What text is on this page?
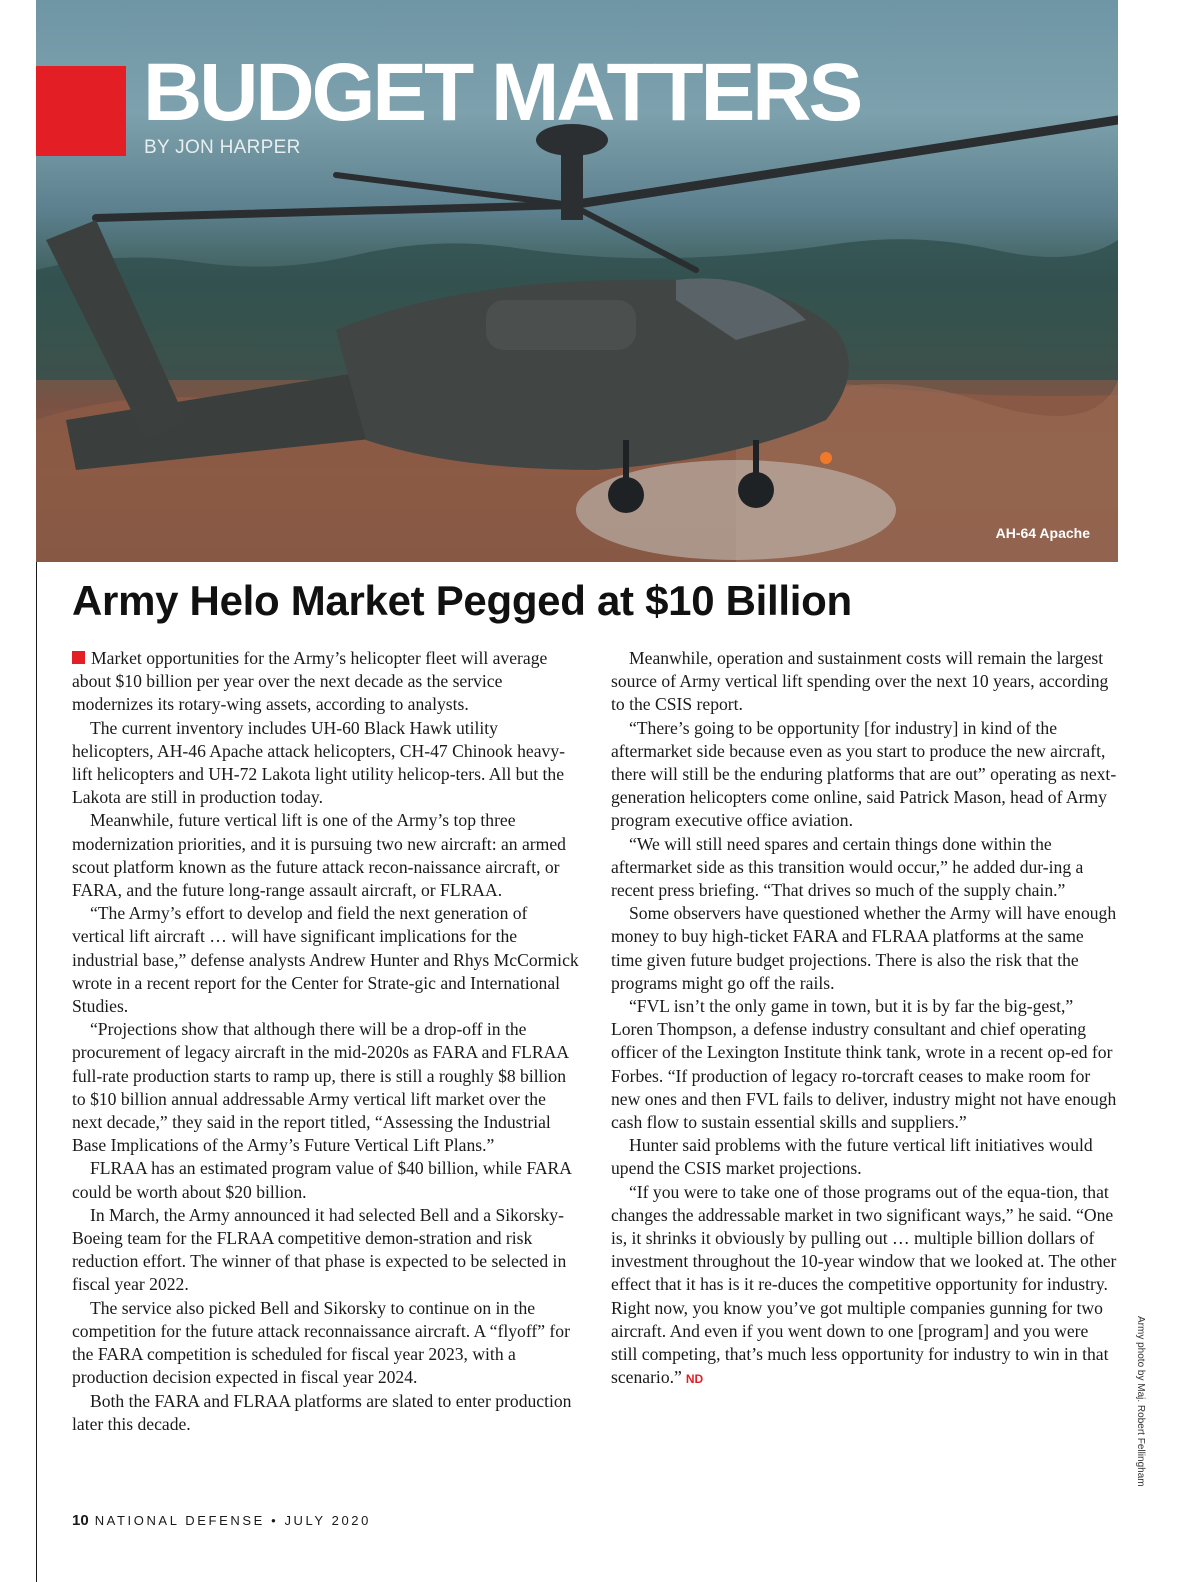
BUDGET MATTERS
BY JON HARPER
AH-64 Apache
Army Helo Market Pegged at $10 Billion

Market opportunities for the Army’s helicopter fleet will average about $10 billion per year over the next decade as the service modernizes its rotary-wing assets, according to analysts.

The current inventory includes UH-60 Black Hawk utility helicopters, AH-46 Apache attack helicopters, CH-47 Chinook heavy-lift helicopters and UH-72 Lakota light utility helicop-ters. All but the Lakota are still in production today.

Meanwhile, future vertical lift is one of the Army’s top three modernization priorities, and it is pursuing two new aircraft: an armed scout platform known as the future attack recon-naissance aircraft, or FARA, and the future long-range assault aircraft, or FLRAA.

“The Army’s effort to develop and field the next generation of vertical lift aircraft … will have significant implications for the industrial base,” defense analysts Andrew Hunter and Rhys McCormick wrote in a recent report for the Center for Strate-gic and International Studies.

“Projections show that although there will be a drop-off in the procurement of legacy aircraft in the mid-2020s as FARA and FLRAA full-rate production starts to ramp up, there is still a roughly $8 billion to $10 billion annual addressable Army vertical lift market over the next decade,” they said in the report titled, “Assessing the Industrial Base Implications of the Army’s Future Vertical Lift Plans.”

FLRAA has an estimated program value of $40 billion, while FARA could be worth about $20 billion.

In March, the Army announced it had selected Bell and a Sikorsky-Boeing team for the FLRAA competitive demon-stration and risk reduction effort. The winner of that phase is expected to be selected in fiscal year 2022.

The service also picked Bell and Sikorsky to continue on in the competition for the future attack reconnaissance aircraft. A “flyoff” for the FARA competition is scheduled for fiscal year 2023, with a production decision expected in fiscal year 2024.

Both the FARA and FLRAA platforms are slated to enter production later this decade.

Meanwhile, operation and sustainment costs will remain the largest source of Army vertical lift spending over the next 10 years, according to the CSIS report.

“There’s going to be opportunity [for industry] in kind of the aftermarket side because even as you start to produce the new aircraft, there will still be the enduring platforms that are out” operating as next-generation helicopters come online, said Patrick Mason, head of Army program executive office aviation.

“We will still need spares and certain things done within the aftermarket side as this transition would occur,” he added dur-ing a recent press briefing. “That drives so much of the supply chain.”

Some observers have questioned whether the Army will have enough money to buy high-ticket FARA and FLRAA platforms at the same time given future budget projections. There is also the risk that the programs might go off the rails.

“FVL isn’t the only game in town, but it is by far the big-gest,” Loren Thompson, a defense industry consultant and chief operating officer of the Lexington Institute think tank, wrote in a recent op-ed for Forbes. “If production of legacy ro-torcraft ceases to make room for new ones and then FVL fails to deliver, industry might not have enough cash flow to sustain essential skills and suppliers.”

Hunter said problems with the future vertical lift initiatives would upend the CSIS market projections.

“If you were to take one of those programs out of the equa-tion, that changes the addressable market in two significant ways,” he said. “One is, it shrinks it obviously by pulling out … multiple billion dollars of investment throughout the 10-year window that we looked at. The other effect that it has is it re-duces the competitive opportunity for industry. Right now, you know you’ve got multiple companies gunning for two aircraft. And even if you went down to one [program] and you were still competing, that’s much less opportunity for industry to win in that scenario.” ND

10 NATIONAL DEFENSE • JULY 2020
Army photo by Maj. Robert Fellingham
